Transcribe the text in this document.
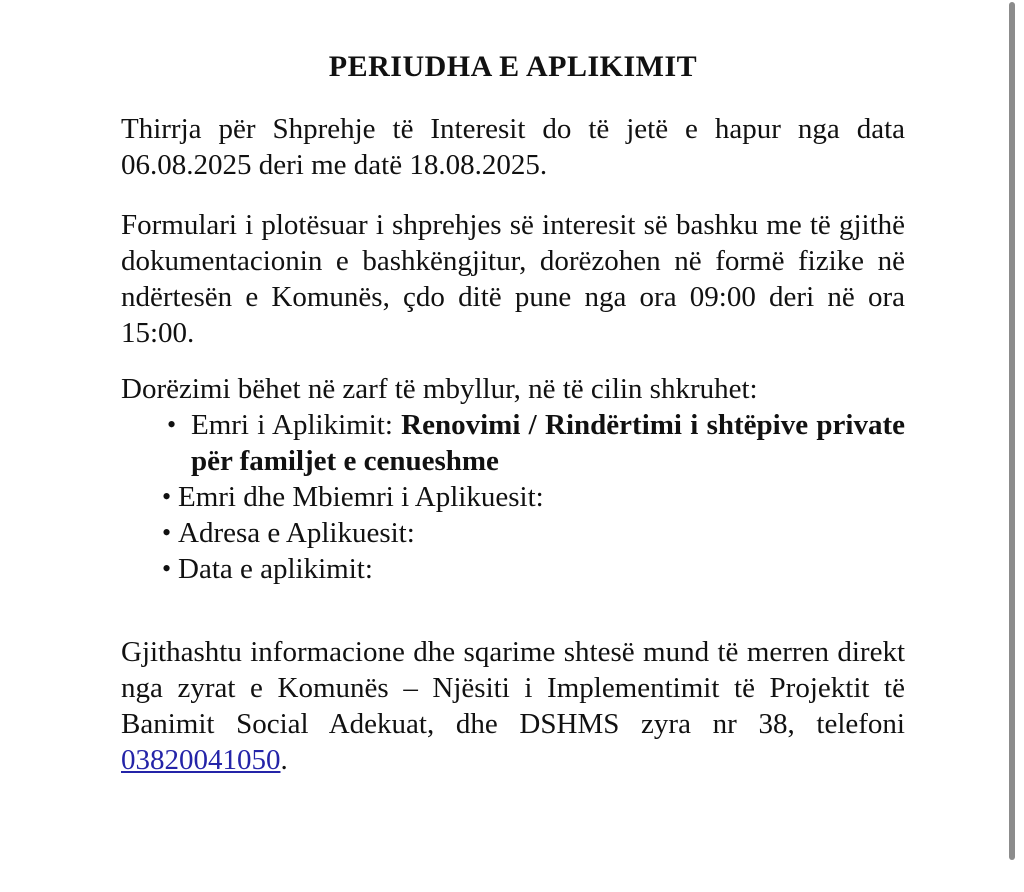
PERIUDHA E APLIKIMIT

Thirrja për Shprehje të Interesit do të jetë e hapur nga data 06.08.2025 deri me datë 18.08.2025.

Formulari i plotësuar i shprehjes së interesit së bashku me të gjithë dokumentacionin e bashkëngjitur, dorëzohen në formë fizike në ndërtesën e Komunës, çdo ditë pune nga ora 09:00 deri në ora 15:00.

Dorëzimi bëhet në zarf të mbyllur, në të cilin shkruhet:

• Emri i Aplikimit: Renovimi / Rindërtimi i shtëpive private për familjet e cenueshme
• Emri dhe Mbiemri i Aplikuesit:
• Adresa e Aplikuesit:
• Data e aplikimit:

Gjithashtu informacione dhe sqarime shtesë mund të merren direkt nga zyrat e Komunës – Njësiti i Implementimit të Projektit të Banimit Social Adekuat, dhe DSHMS zyra nr 38, telefoni 03820041050.
